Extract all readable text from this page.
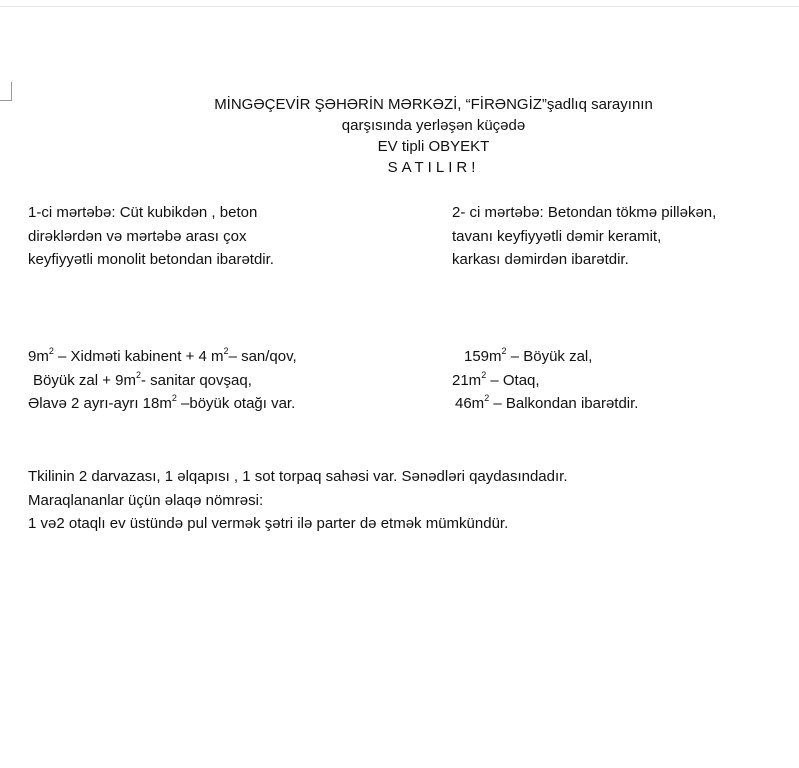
MİNGƏÇEVİR ŞƏHƏRİN MƏRKƏZİ, “FİRƏNGİZ”şadlıq sarayının
qarşısında yerləşən küçədə
EV tipli OBYEKT
SATILIR!
1-ci mərtəbə: Cüt kubikdən , beton
dirəklərdən və mərtəbə arası çox
keyfiyyətli monolit betondan ibarətdir.
2- ci mərtəbə: Betondan tökmə pilləkən,
tavanı keyfiyyətli dəmir keramit,
karkası dəmirdən ibarətdir.
$9m^2$ – Xidməti kabinent + 4 $m^2-$ san/qov,
Böyük zal + $9m^2-$ sanitar qovşaq,
Əlavə 2 ayrı-ayrı $18m^2$ –böyük otağı var.
$159m^2$ – Böyük zal,
$21m^2$ – Otaq,
$46m^2$ – Balkondan ibarətdir.
Tkilinin 2 darvazası, 1 əlqapısı , 1 sot torpaq sahəsi var. Sənədləri qaydasındadır.
Maraqlananlar üçün əlaqə nömrəsi:
1 və2 otaqlı ev üstündə pul vermək şətri ilə parter də etmək mümkündür.
